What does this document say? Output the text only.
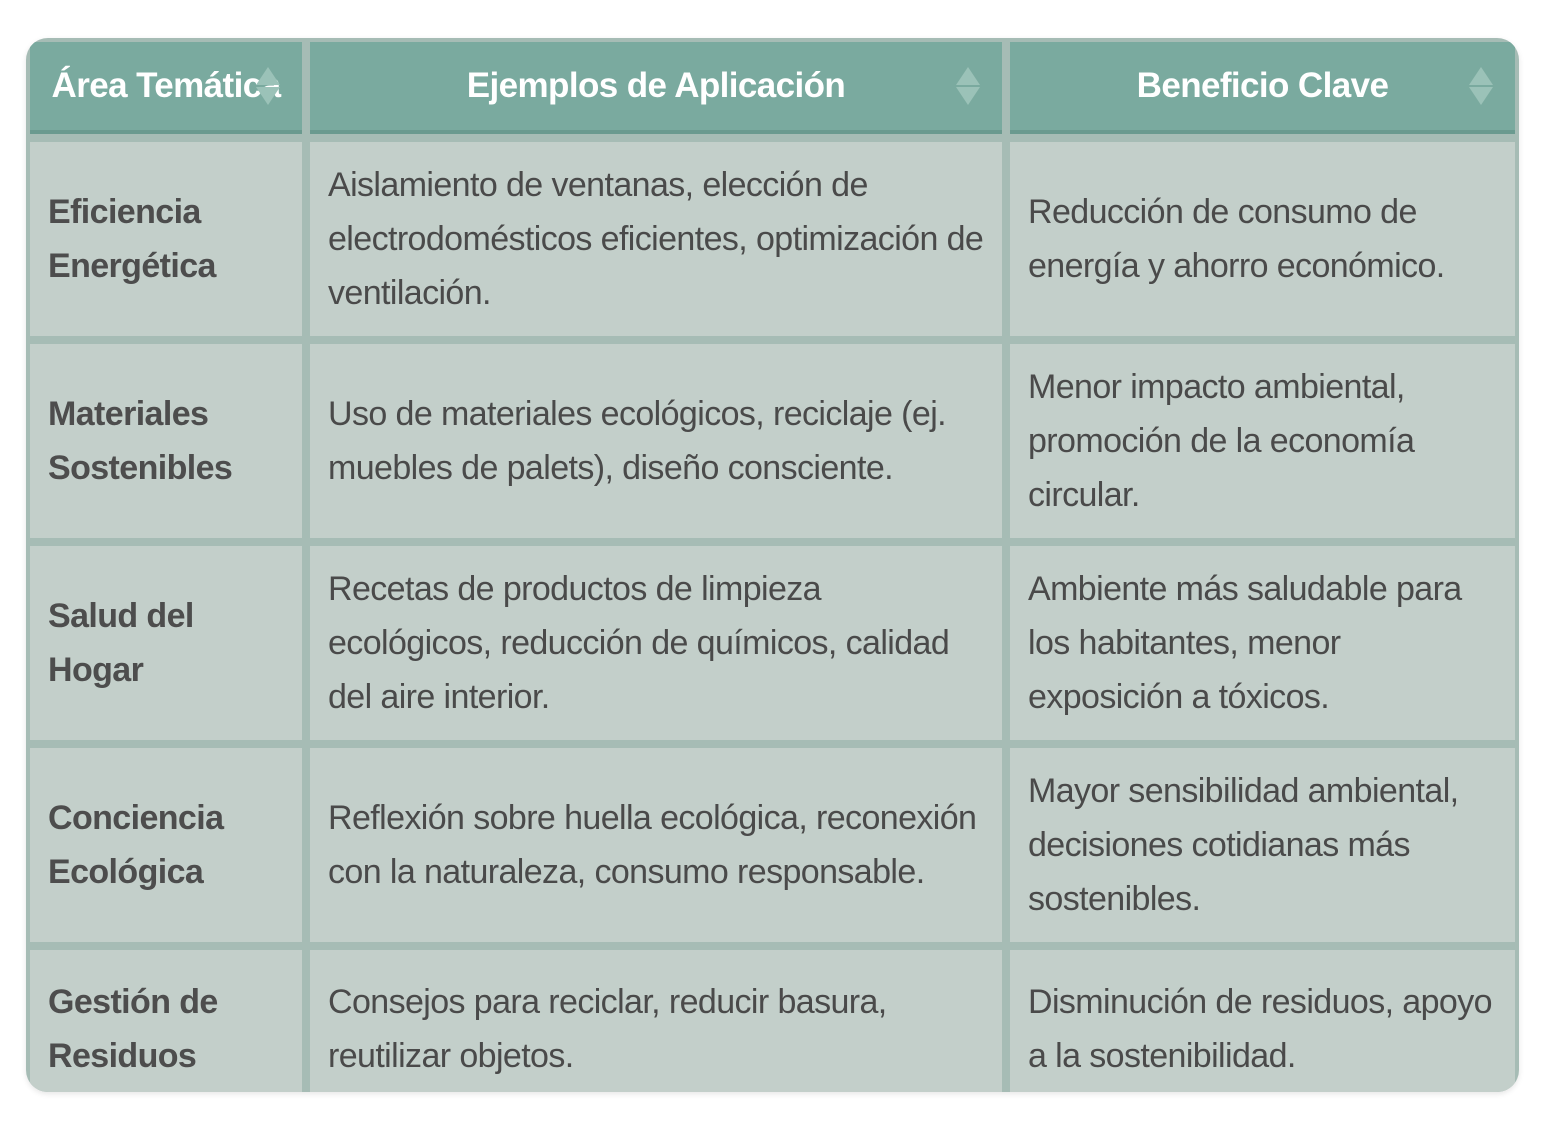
Área Temática	Ejemplos de Aplicación	Beneficio Clave

Eficiencia Energética	Aislamiento de ventanas, elección de electrodomésticos eficientes, optimización de ventilación.	Reducción de consumo de energía y ahorro económico.
Materiales Sostenibles	Uso de materiales ecológicos, reciclaje (ej. muebles de palets), diseño consciente.	Menor impacto ambiental, promoción de la economía circular.
Salud del Hogar	Recetas de productos de limpieza ecológicos, reducción de químicos, calidad del aire interior.	Ambiente más saludable para los habitantes, menor exposición a tóxicos.
Conciencia Ecológica	Reflexión sobre huella ecológica, reconexión con la naturaleza, consumo responsable.	Mayor sensibilidad ambiental, decisiones cotidianas más sostenibles.
Gestión de Residuos	Consejos para reciclar, reducir basura, reutilizar objetos.	Disminución de residuos, apoyo a la sostenibilidad.
